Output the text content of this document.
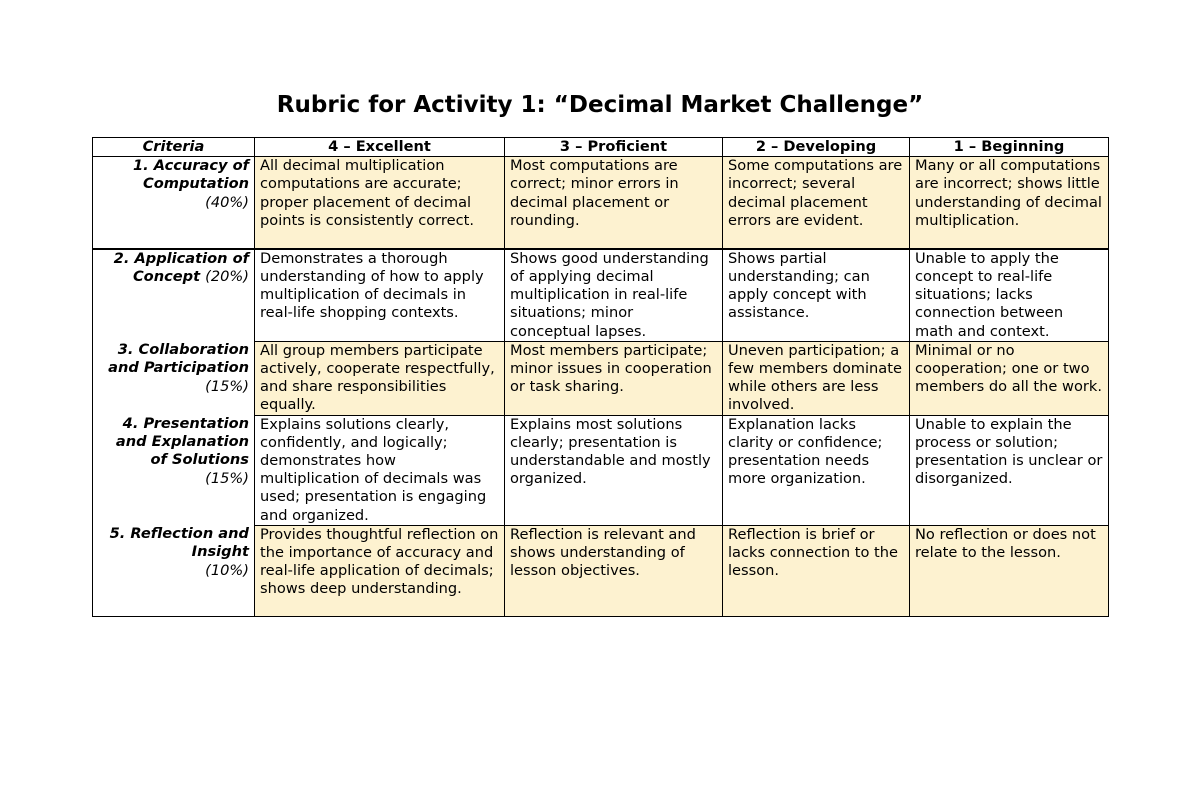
Rubric for Activity 1: “Decimal Market Challenge”
Criteria	4 – Excellent	3 – Proficient	2 – Developing	1 – Beginning
1. Accuracy of Computation
(40%)	All decimal multiplication computations are accurate; proper placement of decimal points is consistently correct.	Most computations are correct; minor errors in decimal placement or rounding.	Some computations are incorrect; several decimal placement errors are evident.	Many or all computations are incorrect; shows little understanding of decimal multiplication.
2. Application of Concept (20%)	Demonstrates a thorough understanding of how to apply multiplication of decimals in real-life shopping contexts.	Shows good understanding of applying decimal multiplication in real-life situations; minor conceptual lapses.	Shows partial understanding; can apply concept with assistance.	Unable to apply the concept to real-life situations; lacks connection between math and context.
3. Collaboration and Participation
(15%)	All group members participate actively, cooperate respectfully, and share responsibilities equally.	Most members participate; minor issues in cooperation or task sharing.	Uneven participation; a few members dominate while others are less involved.	Minimal or no cooperation; one or two members do all the work.
4. Presentation and Explanation of Solutions
(15%)	Explains solutions clearly, confidently, and logically; demonstrates how multiplication of decimals was used; presentation is engaging and organized.	Explains most solutions clearly; presentation is understandable and mostly organized.	Explanation lacks clarity or confidence; presentation needs more organization.	Unable to explain the process or solution; presentation is unclear or disorganized.
5. Reflection and Insight
(10%)	Provides thoughtful reflection on the importance of accuracy and real-life application of decimals; shows deep understanding.	Reflection is relevant and shows understanding of lesson objectives.	Reflection is brief or lacks connection to the lesson.	No reflection or does not relate to the lesson.
